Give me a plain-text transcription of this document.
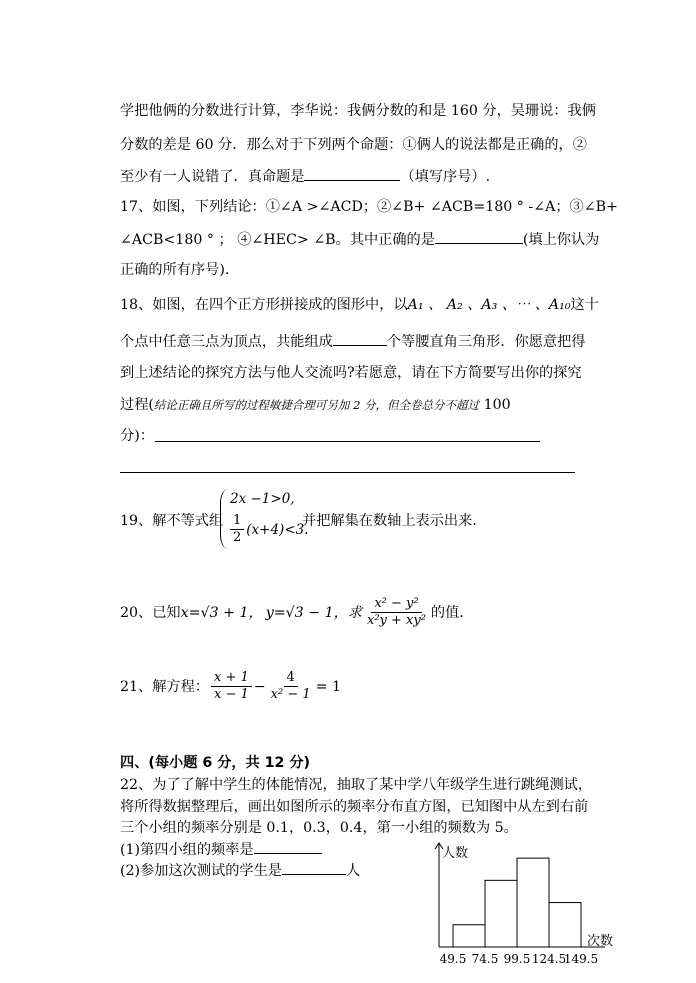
学把他俩的分数进行计算，李华说：我俩分数的和是 160 分，吴珊说：我俩
分数的差是 60 分．那么对于下列两个命题：①俩人的说法都是正确的，②
至少有一人说错了．真命题是	（填写序号）.
17、如图，下列结论：①∠A >∠ACD；②∠B+ ∠ACB=180 ° -∠A；③∠B+
∠ACB<180 ° ； ④∠HEC> ∠B。其中正确的是	(填上你认为
正确的所有序号).
18、如图，在四个正方形拼接成的图形中，以A₁ 、 A₂ 、A₃ 、⋯ 、A₁₀这十
个点中任意三点为顶点，共能组成	个等腰直角三角形．你愿意把得
到上述结论的探究方法与他人交流吗?若愿意，请在下方简要写出你的探究
过程(结论正确且所写的过程敏捷合理可另加 2 分，但全卷总分不超过 100
分)：
19、解不等式组
2x −1>0,
$\frac{1}{2} (x+4)<3$.
并把解集在数轴上表示出来.
20、已知 x=√3 + 1， y=√3 − 1，求 $\frac{\text{x² − y²}}{\text{x²y + xy²}}$ 的值.
21、解方程： $\frac{x + 1}{x - 1} - \frac{4}{\text{x² − 1}} = 1$
四、(每小题 6 分，共 12 分)
22、为了了解中学生的体能情况，抽取了某中学八年级学生进行跳绳测试，
将所得数据整理后，画出如图所示的频率分布直方图，已知图中从左到右前
三个小组的频率分别是 0.1，0.3，0.4，第一小组的频数为 5。
(1)第四小组的频率是
(2)参加这次测试的学生是	人
人数
次数
49.5 74.5 99.5 124.5
149.5
